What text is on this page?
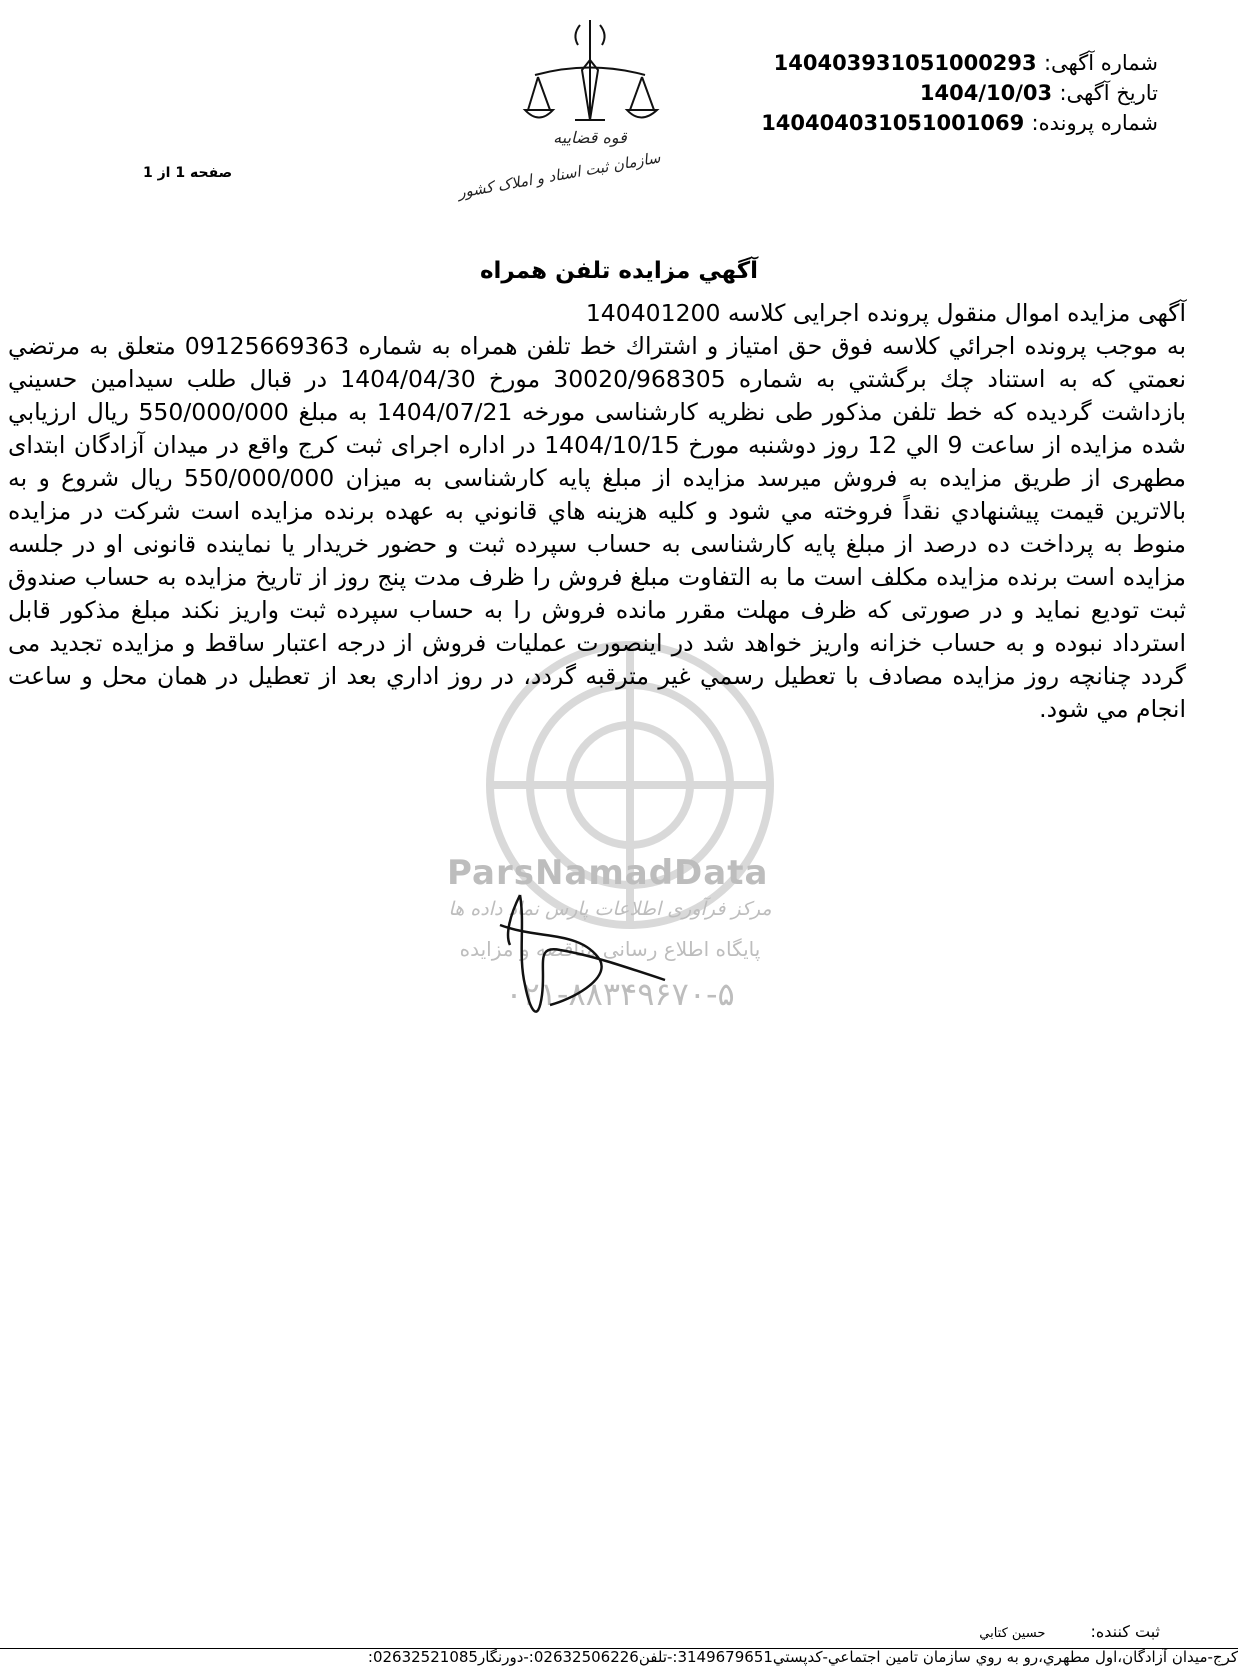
شماره آگهی: 140403931051000293
تاریخ آگهی: 1404/10/03
شماره پرونده: 140404031051001069
صفحه 1 از 1
قوه قضاییه
سازمان ثبت اسناد و املاک کشور
آگهي مزايده تلفن همراه
ParsNamadData
مرکز فرآوری اطلاعات پارس نماد داده ها
پایگاه اطلاع رسانی مناقصه و مزایده
۰۲۱-۸۸۳۴۹۶۷۰-۵

آگهی مزایده اموال منقول پرونده اجرایی کلاسه 140401200

به موجب پرونده اجرائي كلاسه فوق حق امتياز و اشتراك خط تلفن همراه به شماره 09125669363 متعلق به مرتضي نعمتي كه به استناد چك برگشتي به شماره 30020/968305 مورخ 1404/04/30 در قبال طلب سيدامين حسيني بازداشت گرديده كه خط تلفن مذكور طی نظريه كارشناسی مورخه 1404/07/21 به مبلغ 550/000/000 ريال ارزيابي شده مزايده از ساعت 9 الي 12 روز دوشنبه مورخ 1404/10/15 در اداره اجرای ثبت كرج واقع در ميدان آزادگان ابتدای مطهری از طريق مزايده به فروش ميرسد مزايده از مبلغ پايه كارشناسی به ميزان 550/000/000 ريال شروع و به بالاترين قيمت پيشنهادي نقداً فروخته مي شود و كليه هزينه هاي قانوني به عهده برنده مزايده است شركت در مزايده منوط به پرداخت ده درصد از مبلغ پايه كارشناسی به حساب سپرده ثبت و حضور خريدار يا نماينده قانونی او در جلسه مزايده است برنده مزايده مكلف است ما به التفاوت مبلغ فروش را ظرف مدت پنج روز از تاريخ مزايده به حساب صندوق ثبت توديع نمايد و در صورتی كه ظرف مهلت مقرر مانده فروش را به حساب سپرده ثبت واريز نكند مبلغ مذكور قابل استرداد نبوده و به حساب خزانه واريز خواهد شد در اينصورت عمليات فروش از درجه اعتبار ساقط و مزايده تجديد می گردد چنانچه روز مزايده مصادف با تعطيل رسمي غير مترقبه گردد، در روز اداري بعد از تعطيل در همان محل و ساعت انجام مي شود.

ثبت کننده: حسين كتابي
كرج-ميدان آزادگان،اول مطهري،رو به روي سازمان تامين اجتماعي-كدپستي3149679651:-تلفن02632506226:-دورنگار02632521085:
